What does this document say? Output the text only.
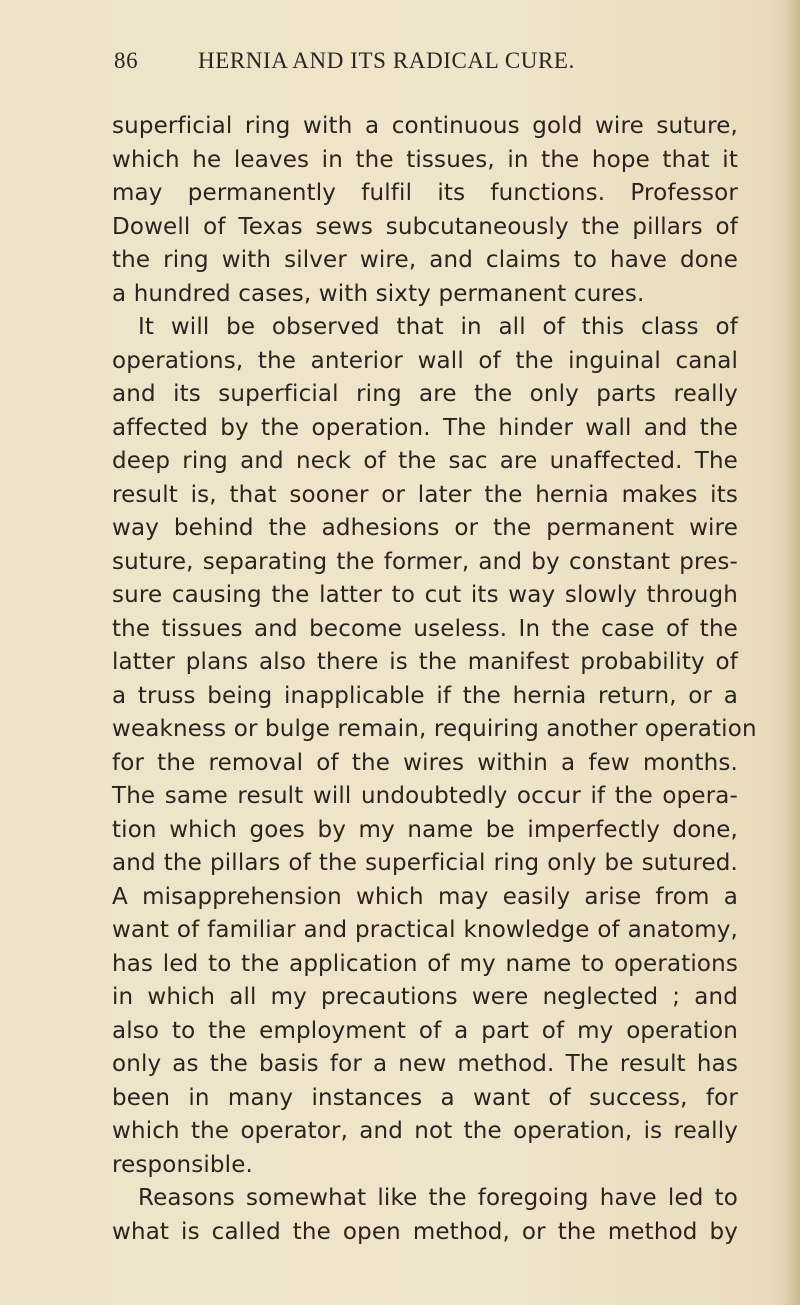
86	HERNIA AND ITS RADICAL CURE.
superficial ring with a continuous gold wire suture,
which he leaves in the tissues, in the hope that it
may permanently fulfil its functions. Professor
Dowell of Texas sews subcutaneously the pillars of
the ring with silver wire, and claims to have done
a hundred cases, with sixty permanent cures.
It will be observed that in all of this class of
operations, the anterior wall of the inguinal canal
and its superficial ring are the only parts really
affected by the operation. The hinder wall and the
deep ring and neck of the sac are unaffected. The
result is, that sooner or later the hernia makes its
way behind the adhesions or the permanent wire
suture, separating the former, and by constant pres-
sure causing the latter to cut its way slowly through
the tissues and become useless. In the case of the
latter plans also there is the manifest probability of
a truss being inapplicable if the hernia return, or a
weakness or bulge remain, requiring another operation
for the removal of the wires within a few months.
The same result will undoubtedly occur if the opera-
tion which goes by my name be imperfectly done,
and the pillars of the superficial ring only be sutured.
A misapprehension which may easily arise from a
want of familiar and practical knowledge of anatomy,
has led to the application of my name to operations
in which all my precautions were neglected ; and
also to the employment of a part of my operation
only as the basis for a new method. The result has
been in many instances a want of success, for
which the operator, and not the operation, is really
responsible.
Reasons somewhat like the foregoing have led to
what is called the open method, or the method by
